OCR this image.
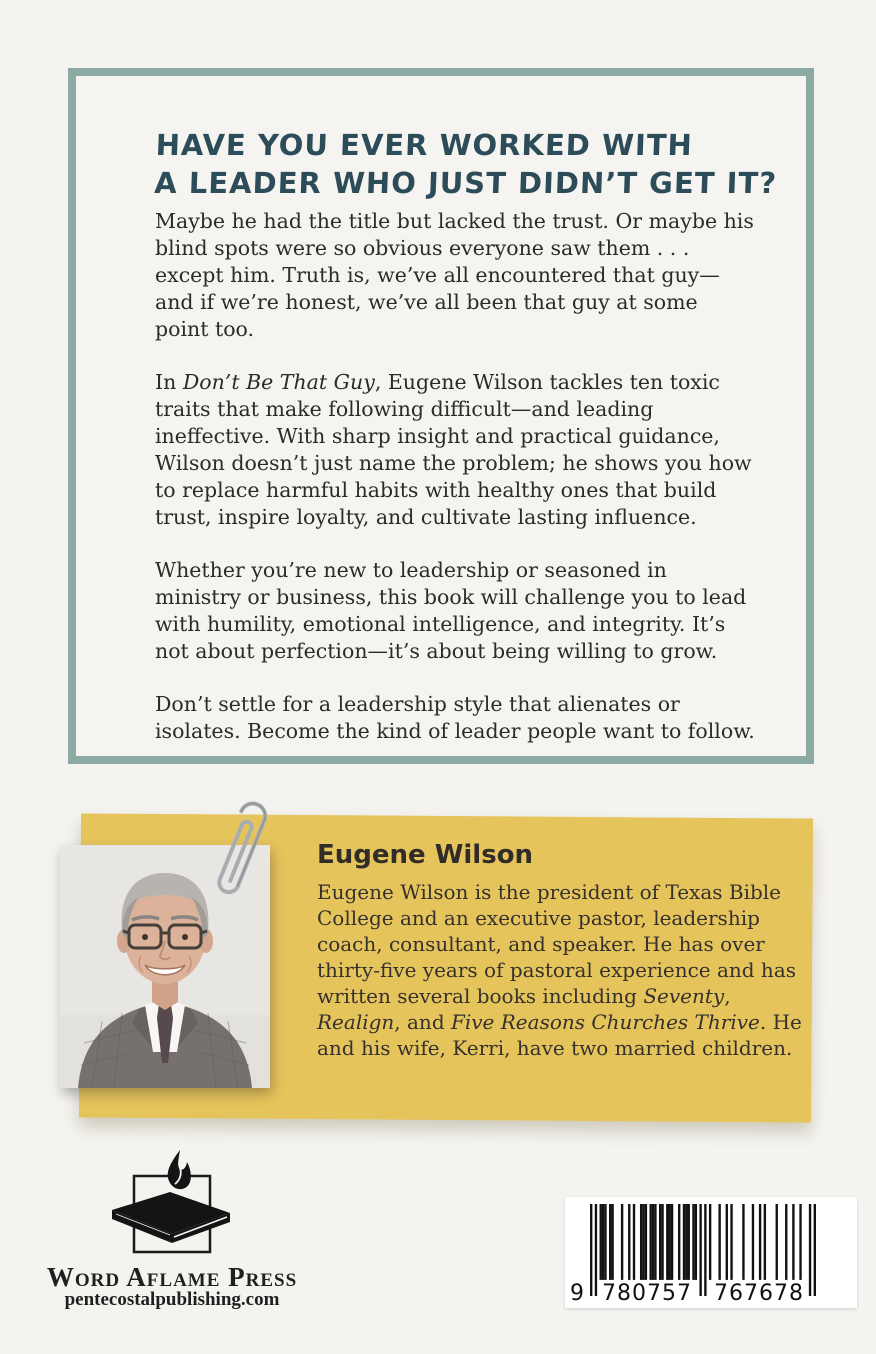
HAVE YOU EVER WORKED WITH
A LEADER WHO JUST DIDN’T GET IT?

Maybe he had the title but lacked the trust. Or maybe his blind spots were so obvious everyone saw them . . . except him. Truth is, we’ve all encountered that guy—and if we’re honest, we’ve all been that guy at some point too.

In Don’t Be That Guy, Eugene Wilson tackles ten toxic traits that make following difficult—and leading ineffective. With sharp insight and practical guidance, Wilson doesn’t just name the problem; he shows you how to replace harmful habits with healthy ones that build trust, inspire loyalty, and cultivate lasting influence.

Whether you’re new to leadership or seasoned in ministry or business, this book will challenge you to lead with humility, emotional intelligence, and integrity. It’s not about perfection—it’s about being willing to grow.

Don’t settle for a leadership style that alienates or isolates. Become the kind of leader people want to follow.

Eugene Wilson
Eugene Wilson is the president of Texas Bible College and an executive pastor, leadership coach, consultant, and speaker. He has over thirty-five years of pastoral experience and has written several books including Seventy, Realign, and Five Reasons Churches Thrive. He and his wife, Kerri, have two married children.
Word Aflame Press
pentecostalpublishing.com	9 780757 767678
